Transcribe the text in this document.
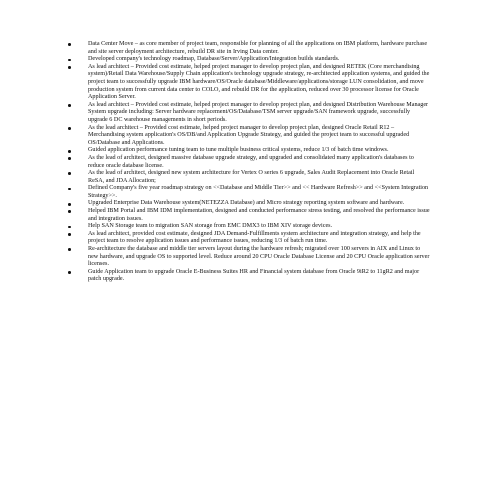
Data Center Move – as core member of project team, responsible for planning of all the applications on IBM platform, hardware purchase and site server deployment architecture, rebuild DR site in Irving Data center.
Developed company's technology roadmap, Database/Server/Application/Integration builds standards.
As lead architect – Provided cost estimate, helped project manager to develop project plan, and designed RETEK (Core merchandising system)/Retail Data Warehouse/Supply Chain application's technology upgrade strategy, re-architected application systems, and guided the project team to successfully upgrade IBM hardware/OS/Oracle database/Middleware/applications/storage LUN consolidation, and move production system from current data center to COLO, and rebuild DR for the application, reduced over 30 processor license for Oracle Application Server.
As lead architect – Provided cost estimate, helped project manager to develop project plan, and designed Distribution Warehouse Manager System upgrade including: Server hardware replacement/OS/Database/TSM server upgrade/SAN framework upgrade, successfully upgrade 6 DC warehouse managements in short periods.
As the lead architect – Provided cost estimate, helped project manager to develop project plan, designed Oracle Retail R12 –Merchandising system application's OS/DB/and Application Upgrade Strategy, and guided the project team to successful upgraded OS/Database and Applications.
Guided application performance tuning team to tune multiple business critical systems, reduce 1/3 of batch time windows.
As the lead of architect, designed massive database upgrade strategy, and upgraded and consolidated many application's databases to reduce oracle database license.
As the lead of architect, designed new system architecture for Vertex O series 6 upgrade, Sales Audit Replacement into Oracle Retail ReSA, and JDA Allocation;
Defined Company's five year roadmap strategy on <<Database and Middle Tier>> and << Hardware Refresh>> and <<System Integration Strategy>>.
Upgraded Enterprise Data Warehouse system(NETEZZA Database) and Micro strategy reporting system software and hardware.
Helped IBM Portal and IBM IDM implementation, designed and conducted performance stress testing, and resolved the performance issue and integration issues.
Help SAN Storage team to migration SAN storage from EMC DMX3 to IBM XIV storage devices.
As lead architect, provided cost estimate, designed JDA Demand-Fulfillments system architecture and integration strategy, and help the project team to resolve application issues and performance issues, reducing 1/3 of batch run time.
Re-architecture the database and middle tier servers layout during the hardware refresh; migrated over 100 servers in AIX and Linux to new hardware, and upgrade OS to supported level. Reduce around 20 CPU Oracle Database License and 20 CPU Oracle application server licenses.
Guide Application team to upgrade Oracle E-Business Suites HR and Financial system database from Oracle 9iR2 to 11gR2 and major patch upgrade.
